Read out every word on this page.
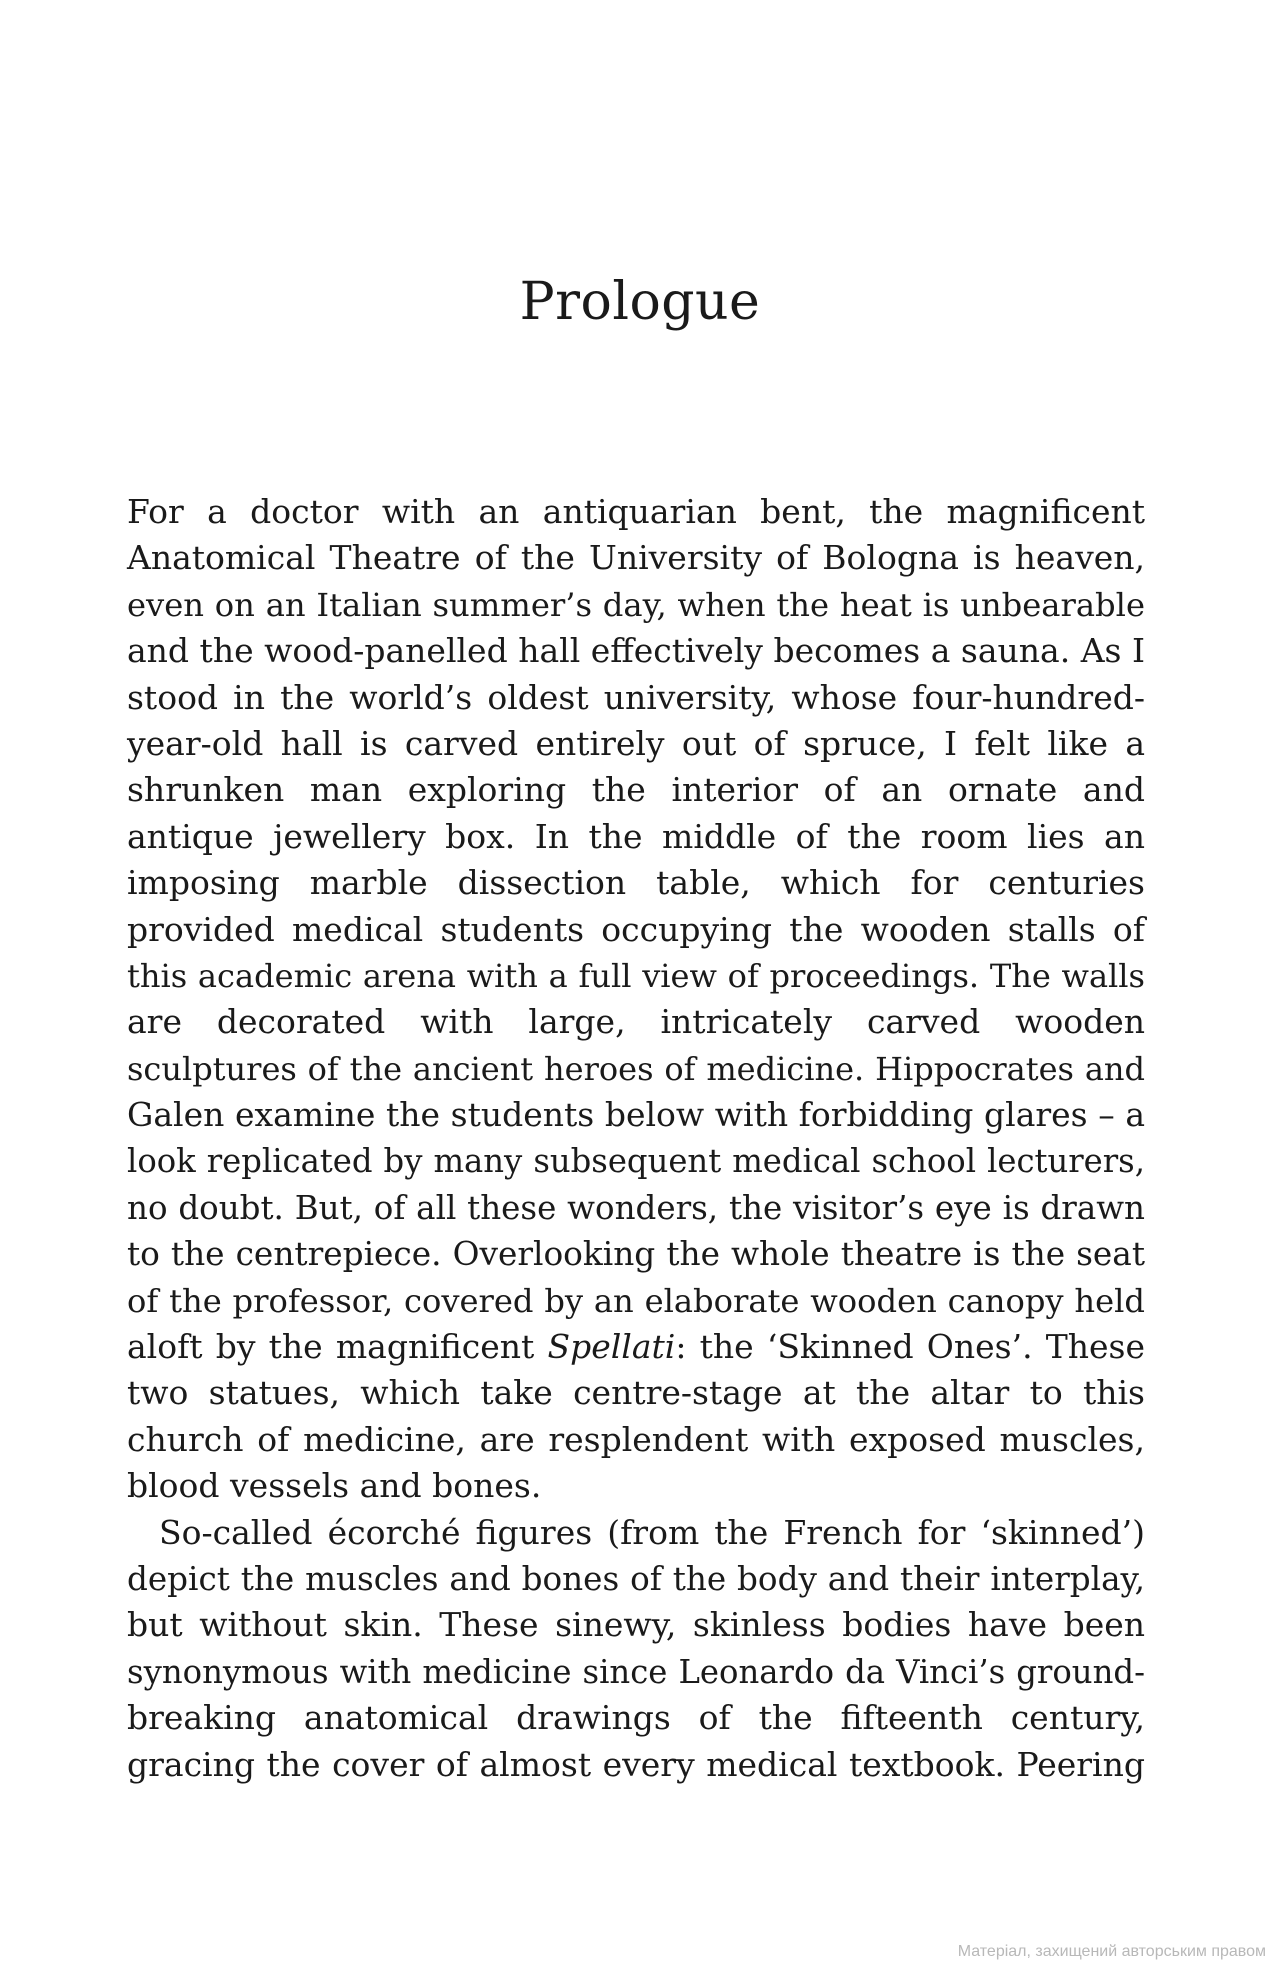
Prologue
For a doctor with an antiquarian bent, the magnificent
Anatomical Theatre of the University of Bologna is heaven,
even on an Italian summer’s day, when the heat is unbearable
and the wood-panelled hall effectively becomes a sauna. As I
stood in the world’s oldest university, whose four-hundred-
year-old hall is carved entirely out of spruce, I felt like a
shrunken man exploring the interior of an ornate and
antique jewellery box. In the middle of the room lies an
imposing marble dissection table, which for centuries
provided medical students occupying the wooden stalls of
this academic arena with a full view of proceedings. The walls
are decorated with large, intricately carved wooden
sculptures of the ancient heroes of medicine. Hippocrates and
Galen examine the students below with forbidding glares – a
look replicated by many subsequent medical school lecturers,
no doubt. But, of all these wonders, the visitor’s eye is drawn
to the centrepiece. Overlooking the whole theatre is the seat
of the professor, covered by an elaborate wooden canopy held
aloft by the magnificent Spellati: the ‘Skinned Ones’. These
two statues, which take centre-stage at the altar to this
church of medicine, are resplendent with exposed muscles,
blood vessels and bones.
So-called écorché figures (from the French for ‘skinned’)
depict the muscles and bones of the body and their interplay,
but without skin. These sinewy, skinless bodies have been
synonymous with medicine since Leonardo da Vinci’s ground-
breaking anatomical drawings of the fifteenth century,
gracing the cover of almost every medical textbook. Peering
Матеріал, захищений авторським правом
